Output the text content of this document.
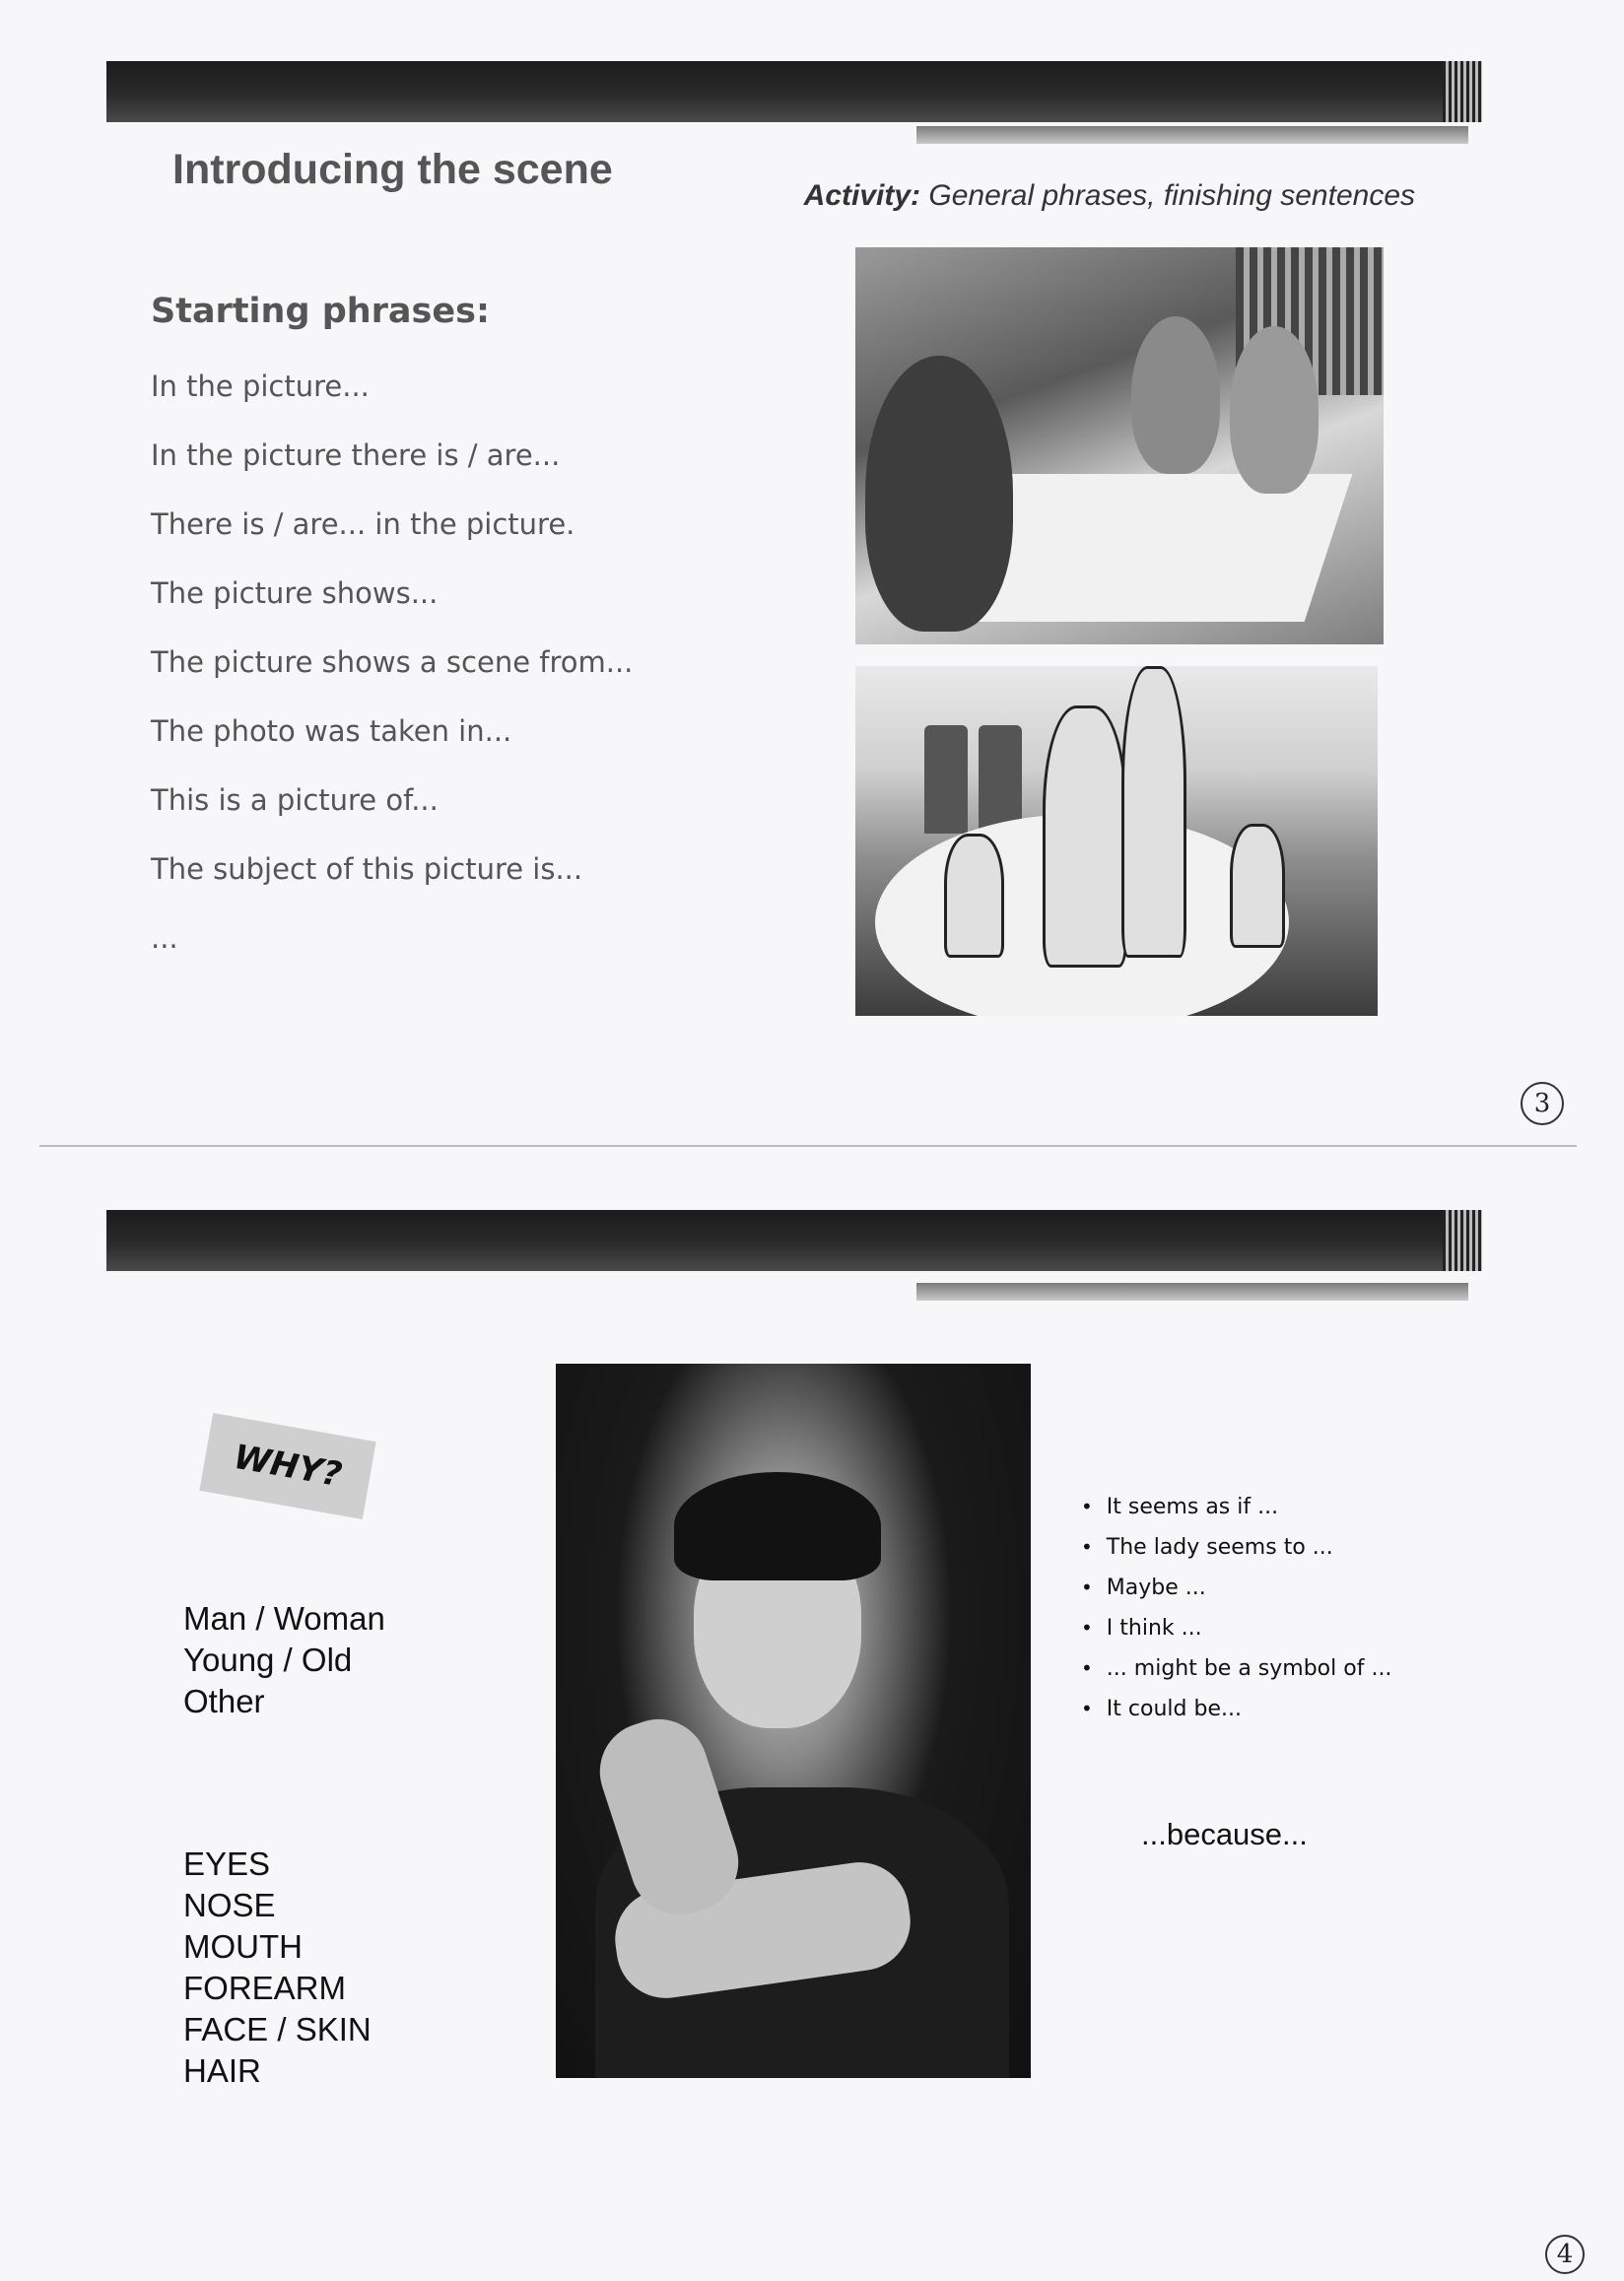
Introducing the scene
Activity: General phrases, finishing sentences
Starting phrases:
In the picture...
In the picture there is / are...
There is / are... in the picture.
The picture shows...
The picture shows a scene from...
The photo was taken in...
This is a picture of...
The subject of this picture is...
...
3
WHY?
Man / Woman
Young / Old
Other
EYES
NOSE
MOUTH
FOREARM
FACE / SKIN
HAIR
• It seems as if ...
• The lady seems to ...
• Maybe ...
• I think ...
• ... might be a symbol of ...
• It could be...
...because...
4
